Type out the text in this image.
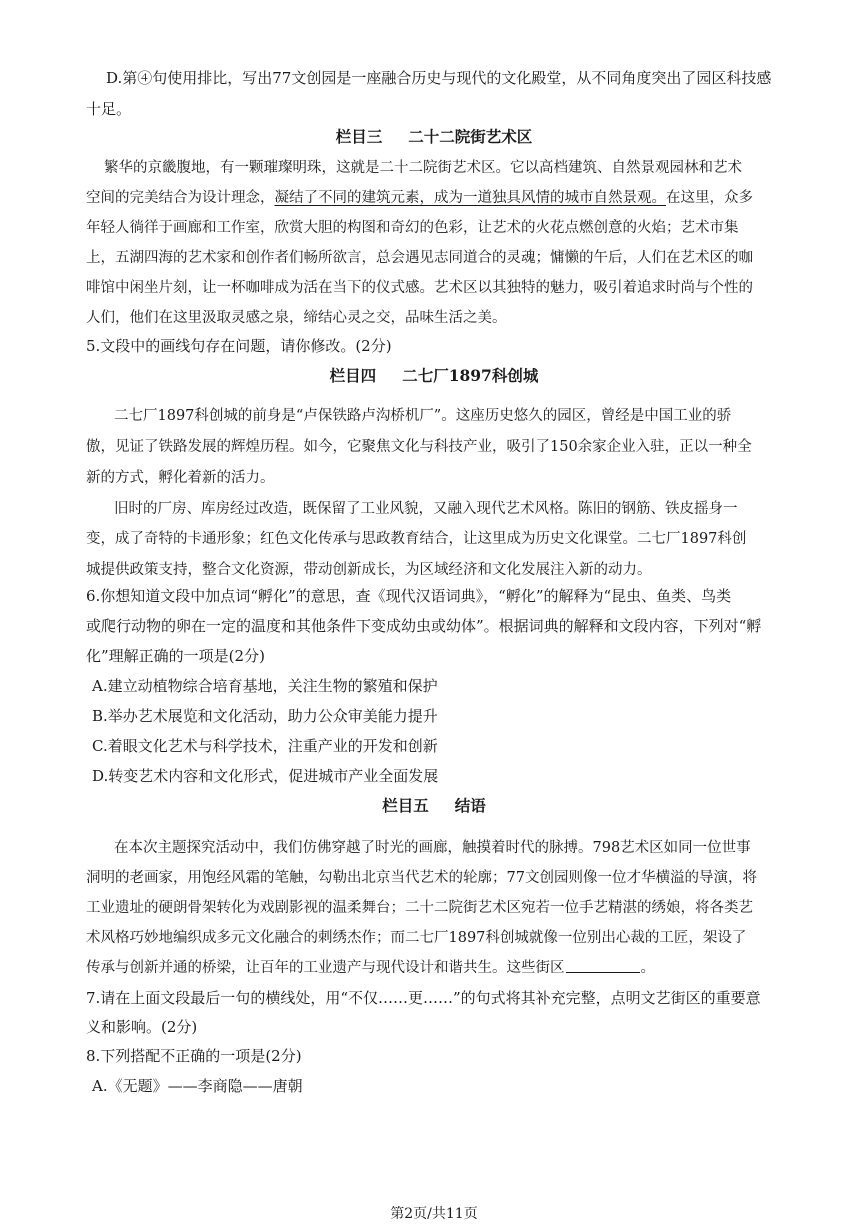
D.第④句使用排比，写出77文创园是一座融合历史与现代的文化殿堂，从不同角度突出了园区科技感
十足。
栏目三 二十二院街艺术区
繁华的京畿腹地，有一颗璀璨明珠，这就是二十二院街艺术区。它以高档建筑、自然景观园林和艺术
空间的完美结合为设计理念，凝结了不同的建筑元素，成为一道独具风情的城市自然景观。在这里，众多
年轻人徜徉于画廊和工作室，欣赏大胆的构图和奇幻的色彩，让艺术的火花点燃创意的火焰；艺术市集
上，五湖四海的艺术家和创作者们畅所欲言，总会遇见志同道合的灵魂；慵懒的午后，人们在艺术区的咖
啡馆中闲坐片刻，让一杯咖啡成为活在当下的仪式感。艺术区以其独特的魅力，吸引着追求时尚与个性的
人们，他们在这里汲取灵感之泉，缔结心灵之交，品味生活之美。
5.文段中的画线句存在问题，请你修改。(2分)
栏目四 二七厂1897科创城
二七厂1897科创城的前身是“卢保铁路卢沟桥机厂”。这座历史悠久的园区，曾经是中国工业的骄
傲，见证了铁路发展的辉煌历程。如今，它聚焦文化与科技产业，吸引了150余家企业入驻，正以一种全
新的方式，孵化着新的活力。
旧时的厂房、库房经过改造，既保留了工业风貌，又融入现代艺术风格。陈旧的钢筋、铁皮摇身一
变，成了奇特的卡通形象；红色文化传承与思政教育结合，让这里成为历史文化课堂。二七厂1897科创
城提供政策支持，整合文化资源，带动创新成长，为区域经济和文化发展注入新的动力。
6.你想知道文段中加点词“孵化”的意思，查《现代汉语词典》，“孵化”的解释为“昆虫、鱼类、鸟类
或爬行动物的卵在一定的温度和其他条件下变成幼虫或幼体”。根据词典的解释和文段内容，下列对“孵
化”理解正确的一项是(2分)
A.建立动植物综合培育基地，关注生物的繁殖和保护
B.举办艺术展览和文化活动，助力公众审美能力提升
C.着眼文化艺术与科学技术，注重产业的开发和创新
D.转变艺术内容和文化形式，促进城市产业全面发展
栏目五 结语
在本次主题探究活动中，我们仿佛穿越了时光的画廊，触摸着时代的脉搏。798艺术区如同一位世事
洞明的老画家，用饱经风霜的笔触，勾勒出北京当代艺术的轮廓；77文创园则像一位才华横溢的导演，将
工业遗址的硬朗骨架转化为戏剧影视的温柔舞台；二十二院街艺术区宛若一位手艺精湛的绣娘，将各类艺
术风格巧妙地编织成多元文化融合的刺绣杰作；而二七厂1897科创城就像一位别出心裁的工匠，架设了
传承与创新并通的桥梁，让百年的工业遗产与现代设计和谐共生。这些街区	。
7.请在上面文段最后一句的横线处，用“不仅……更……”的句式将其补充完整，点明文艺街区的重要意
义和影响。(2分)
8.下列搭配不正确的一项是(2分)
A.《无题》——李商隐——唐朝
第2页/共11页
